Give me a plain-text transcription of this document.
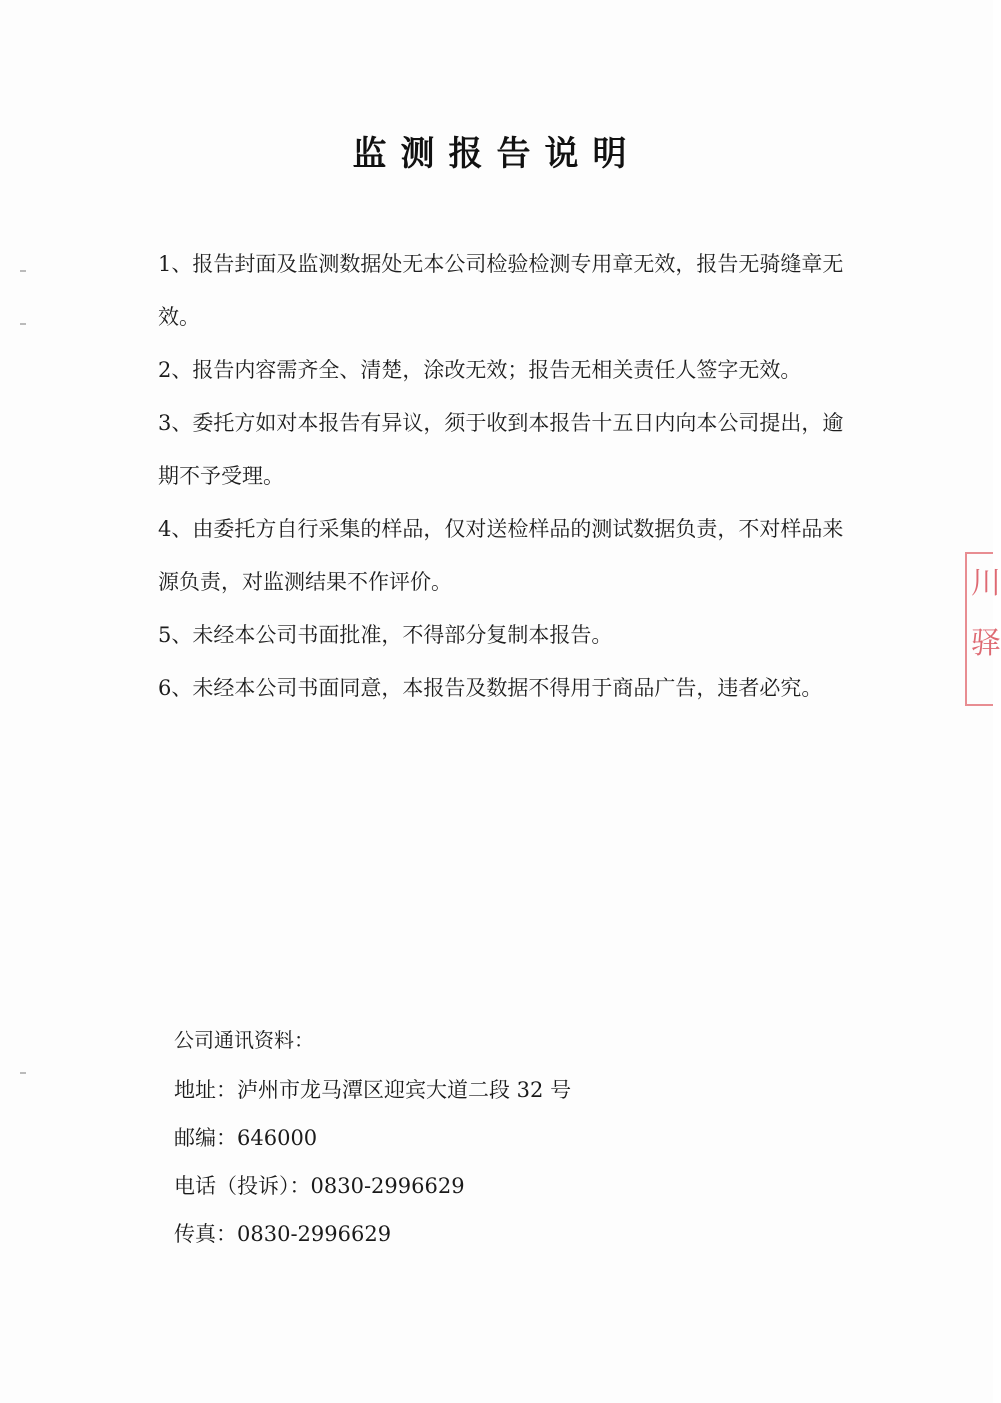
监测报告说明
1、报告封面及监测数据处无本公司检验检测专用章无效，报告无骑缝章无效。
2、报告内容需齐全、清楚，涂改无效；报告无相关责任人签字无效。
3、委托方如对本报告有异议，须于收到本报告十五日内向本公司提出，逾期不予受理。
4、由委托方自行采集的样品，仅对送检样品的测试数据负责，不对样品来源负责，对监测结果不作评价。
5、未经本公司书面批准，不得部分复制本报告。
6、未经本公司书面同意，本报告及数据不得用于商品广告，违者必究。
公司通讯资料：
地址：泸州市龙马潭区迎宾大道二段 32 号
邮编：646000
电话（投诉）：0830-2996629
传真：0830-2996629
川
驿
